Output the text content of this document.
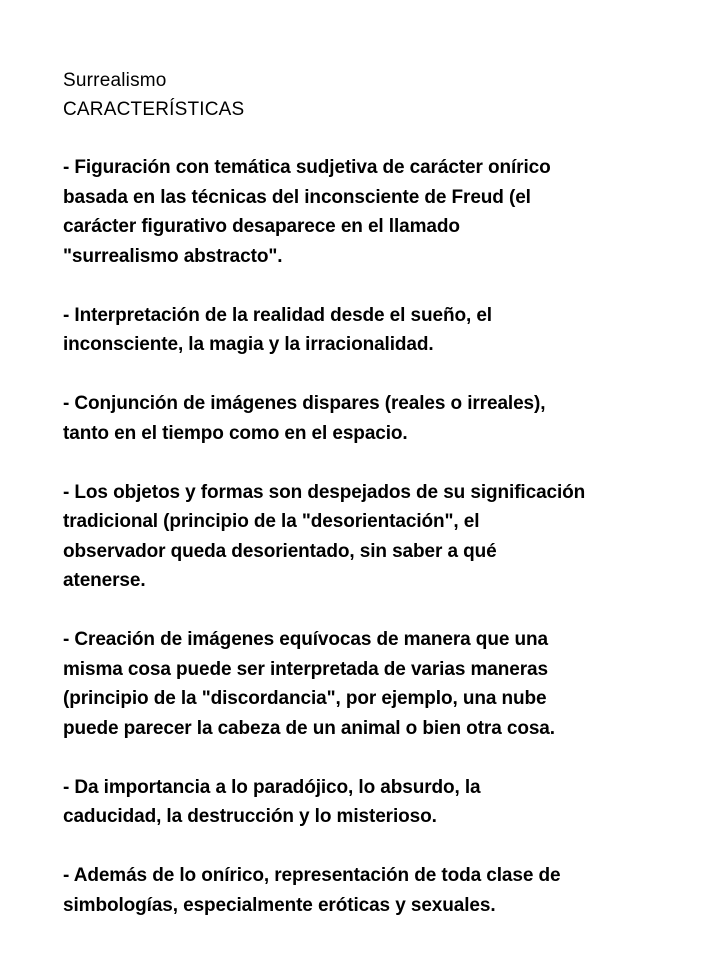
Surrealismo

CARACTERÍSTICAS

- Figuración con temática sudjetiva de carácter onírico
basada en las técnicas del inconsciente de Freud (el
carácter figurativo desaparece en el llamado
"surrealismo abstracto".

- Interpretación de la realidad desde el sueño, el
inconsciente, la magia y la irracionalidad.

- Conjunción de imágenes dispares (reales o irreales),
tanto en el tiempo como en el espacio.

- Los objetos y formas son despejados de su significación
tradicional (principio de la "desorientación", el
observador queda desorientado, sin saber a qué
atenerse.

- Creación de imágenes equívocas de manera que una
misma cosa puede ser interpretada de varias maneras
(principio de la "discordancia", por ejemplo, una nube
puede parecer la cabeza de un animal o bien otra cosa.

- Da importancia a lo paradójico, lo absurdo, la
caducidad, la destrucción y lo misterioso.

- Además de lo onírico, representación de toda clase de
simbologías, especialmente eróticas y sexuales.
